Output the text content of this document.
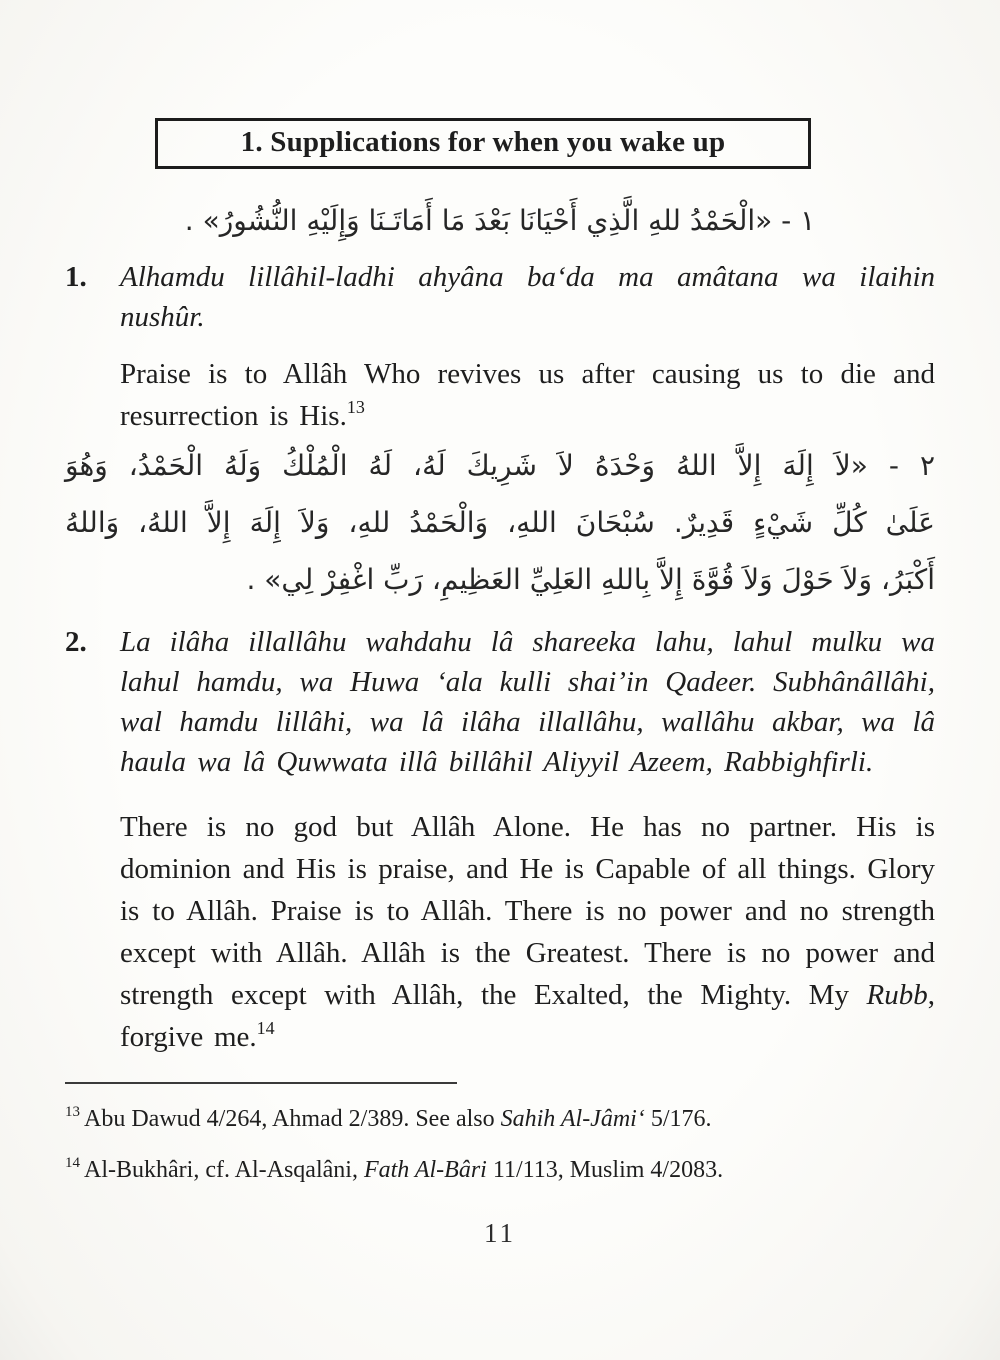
1. Supplications for when you wake up
١ - «الْحَمْدُ للهِ الَّذِي أَحْيَانَا بَعْدَ مَا أَمَاتَـنَا وَإِلَيْهِ النُّشُورُ» .
1.	Alhamdu lillâhil-ladhi ahyâna ba‘da ma amâtana wa ilaihin nushûr.

Praise is to Allâh Who revives us after causing us to die and resurrection is His.$^{13}$
٢ - «لاَ إِلَهَ إِلاَّ اللهُ وَحْدَهُ لاَ شَرِيكَ لَهُ، لَهُ الْمُلْكُ وَلَهُ الْحَمْدُ، وَهُوَ
عَلَىٰ كُلِّ شَيْءٍ قَدِيرٌ. سُبْحَانَ اللهِ، وَالْحَمْدُ للهِ، وَلاَ إِلَهَ إِلاَّ اللهُ، وَاللهُ
أَكْبَرُ، وَلاَ حَوْلَ وَلاَ قُوَّةَ إِلاَّ بِاللهِ العَلِيِّ العَظِيمِ، رَبِّ اغْفِرْ لِي» .
2.	La ilâha illallâhu wahdahu lâ shareeka lahu, lahul mulku wa lahul hamdu, wa Huwa ‘ala kulli shai’in Qadeer. Subhânâllâhi, wal hamdu lillâhi, wa lâ ilâha illallâhu, wallâhu akbar, wa lâ haula wa lâ Quwwata illâ billâhil Aliyyil Azeem, Rabbighfirli.

There is no god but Allâh Alone. He has no partner. His is dominion and His is praise, and He is Capable of all things. Glory is to Allâh. Praise is to Allâh. There is no power and no strength except with Allâh. Allâh is the Greatest. There is no power and strength except with Allâh, the Exalted, the Mighty. My Rubb, forgive me.$^{14}$
$^{13}$ Abu Dawud 4/264, Ahmad 2/389. See also Sahih Al-Jâmi‘ 5/176.
$^{14}$ Al-Bukhâri, cf. Al-Asqalâni, Fath Al-Bâri 11/113, Muslim 4/2083.
11
